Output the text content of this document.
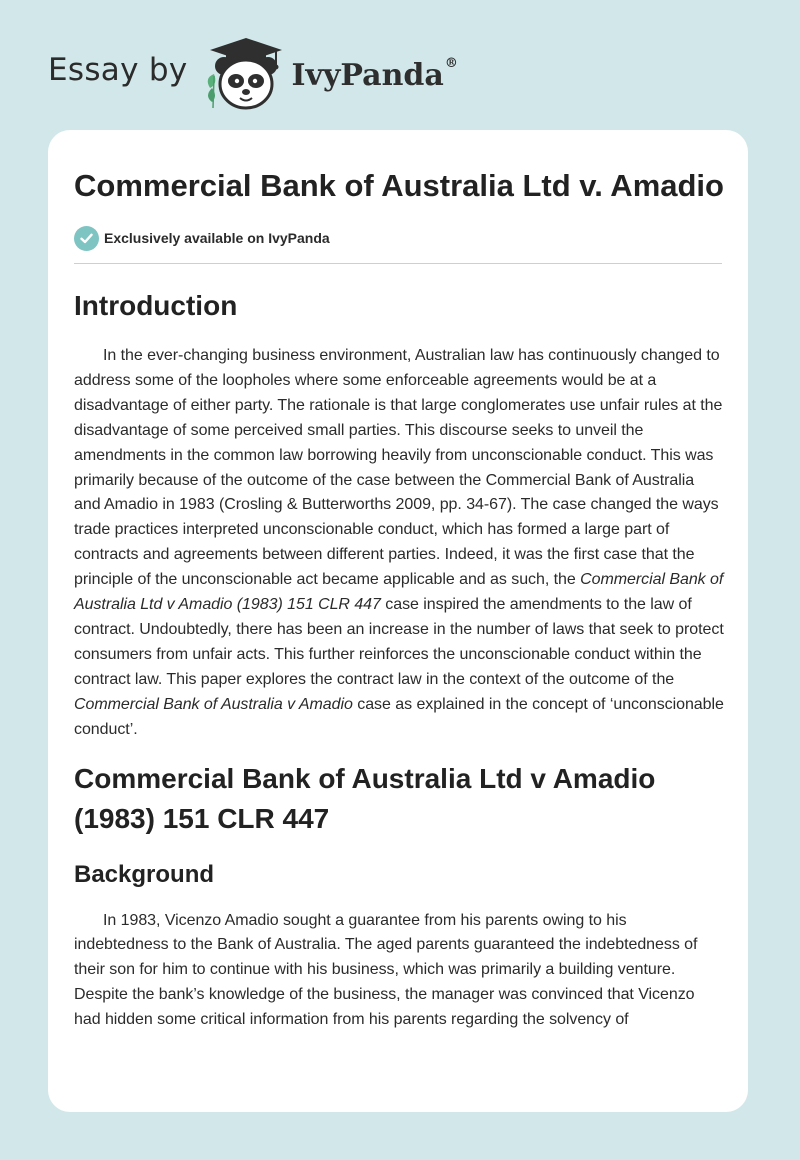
Essay by	IvyPanda®
Commercial Bank of Australia Ltd v. Amadio
Exclusively available on IvyPanda
Introduction

In the ever-changing business environment, Australian law has continuously changed to address some of the loopholes where some enforceable agreements would be at a disadvantage of either party. The rationale is that large conglomerates use unfair rules at the disadvantage of some perceived small parties. This discourse seeks to unveil the amendments in the common law borrowing heavily from unconscionable conduct. This was primarily because of the outcome of the case between the Commercial Bank of Australia and Amadio in 1983 (Crosling & Butterworths 2009, pp. 34-67). The case changed the ways trade practices interpreted unconscionable conduct, which has formed a large part of contracts and agreements between different parties. Indeed, it was the first case that the principle of the unconscionable act became applicable and as such, the Commercial Bank of Australia Ltd v Amadio (1983) 151 CLR 447 case inspired the amendments to the law of contract. Undoubtedly, there has been an increase in the number of laws that seek to protect consumers from unfair acts. This further reinforces the unconscionable conduct within the contract law. This paper explores the contract law in the context of the outcome of the Commercial Bank of Australia v Amadio case as explained in the concept of ‘unconscionable conduct’.

Commercial Bank of Australia Ltd v Amadio (1983) 151 CLR 447
Background

In 1983, Vicenzo Amadio sought a guarantee from his parents owing to his indebtedness to the Bank of Australia. The aged parents guaranteed the indebtedness of their son for him to continue with his business, which was primarily a building venture. Despite the bank’s knowledge of the business, the manager was convinced that Vicenzo had hidden some critical information from his parents regarding the solvency of
